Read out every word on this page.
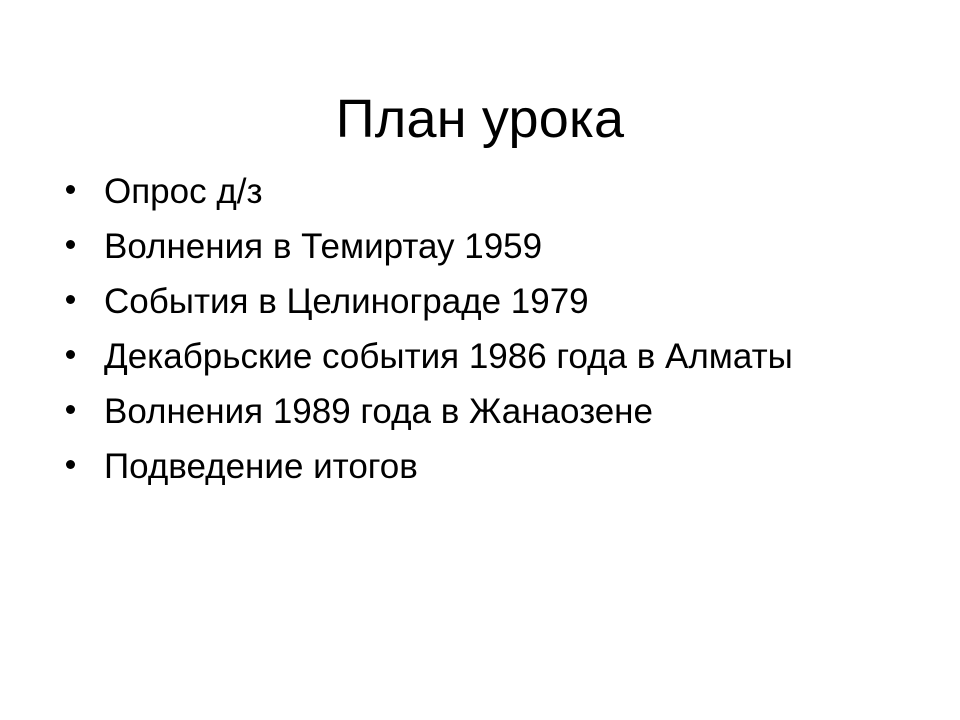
План урока
Опрос д/з
Волнения в Темиртау 1959
События в Целинограде 1979
Декабрьские события 1986 года в Алматы
Волнения 1989 года в Жанаозене
Подведение итогов
